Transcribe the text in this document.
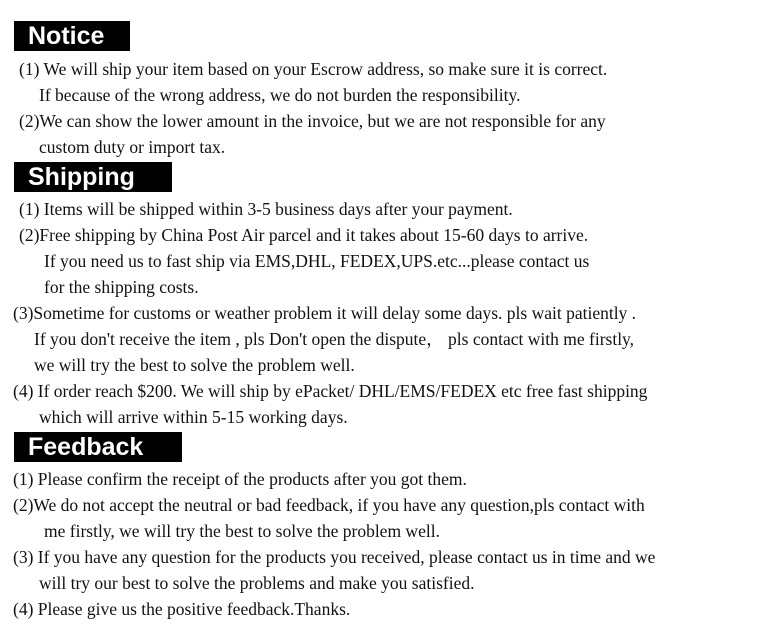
Notice
(1) We will ship your item based on your Escrow address, so make sure it is correct.
If because of the wrong address, we do not burden the responsibility.
(2)We can show the lower amount in the invoice, but we are not responsible for any
custom duty or import tax.
Shipping
(1) Items will be shipped within 3-5 business days after your payment.
(2)Free shipping by China Post Air parcel and it takes about 15-60 days to arrive.
If you need us to fast ship via EMS,DHL, FEDEX,UPS.etc...please contact us
for the shipping costs.
(3)Sometime for customs or weather problem it will delay some days. pls wait patiently .
If you don't receive the item , pls Don't open the dispute， pls contact with me firstly,
we will try the best to solve the problem well.
(4) If order reach $200. We will ship by ePacket/ DHL/EMS/FEDEX etc free fast shipping
which will arrive within 5-15 working days.
Feedback
(1) Please confirm the receipt of the products after you got them.
(2)We do not accept the neutral or bad feedback, if you have any question,pls contact with
me firstly, we will try the best to solve the problem well.
(3) If you have any question for the products you received, please contact us in time and we
will try our best to solve the problems and make you satisfied.
(4) Please give us the positive feedback.Thanks.
